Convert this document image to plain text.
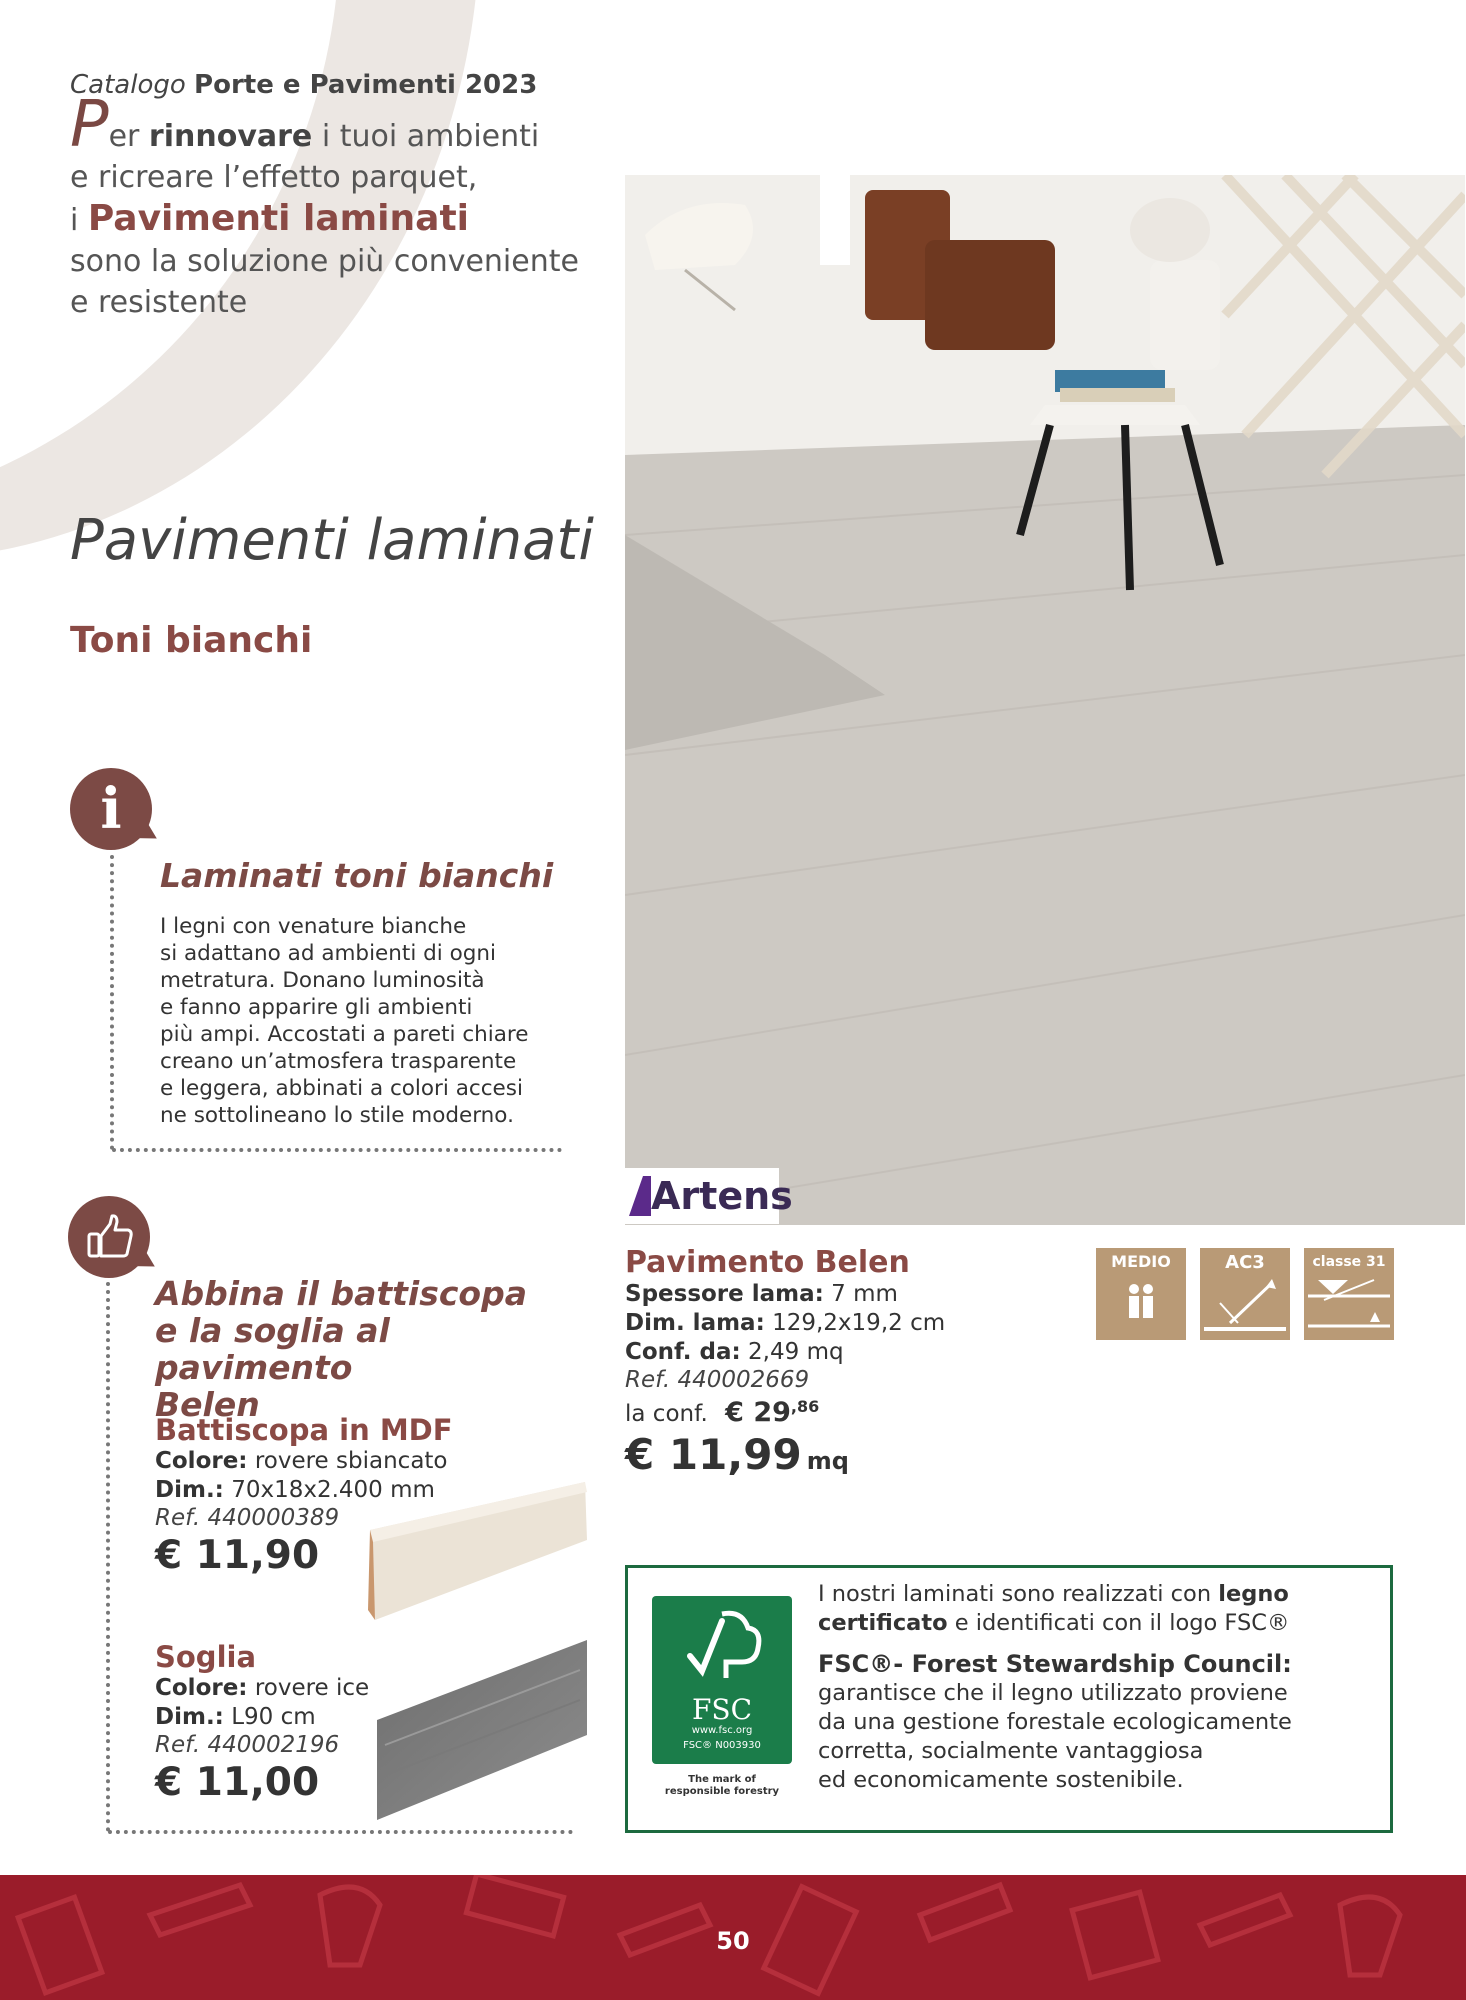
Catalogo Porte e Pavimenti 2023
Per rinnovare i tuoi ambienti
e ricreare l’effetto parquet,
i Pavimenti laminati
sono la soluzione più conveniente
e resistente
Pavimenti laminati
Toni bianchi
i
Laminati toni bianchi
I legni con venature bianche
si adattano ad ambienti di ogni
metratura. Donano luminosità
e fanno apparire gli ambienti
più ampi. Accostati a pareti chiare
creano un’atmosfera trasparente
e leggera, abbinati a colori accesi
ne sottolineano lo stile moderno.
Abbina il battiscopa
e la soglia al pavimento
Belen
Battiscopa in MDF
Colore: rovere sbiancato
Dim.: 70x18x2.400 mm
Ref. 440000389
€ 11,90
Soglia
Colore: rovere ice
Dim.: L90 cm
Ref. 440002196
€ 11,00
Artens
Pavimento Belen
Spessore lama: 7 mm
Dim. lama: 129,2x19,2 cm
Conf. da: 2,49 mq
Ref. 440002669
la conf. € $29^{,86}$
€ 11,99 mq
MEDIO	AC3	classe 31
FSC
www.fsc.org
FSC® N003930
The mark of
responsible forestry
I nostri laminati sono realizzati con legno certificato e identificati con il logo FSC®
FSC®- Forest Stewardship Council:
garantisce che il legno utilizzato proviene
da una gestione forestale ecologicamente
corretta, socialmente vantaggiosa
ed economicamente sostenibile.
50
